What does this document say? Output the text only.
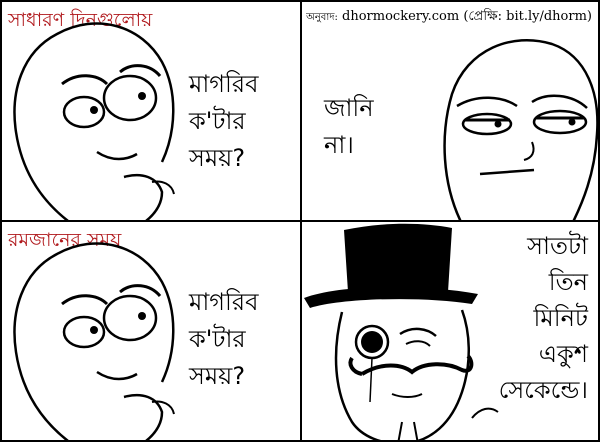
সাধারণ দিনগুলোয়
মাগরিব
ক'টার
সময়?
অনুবাদ: dhormockery.com (প্রেক্ষি: bit.ly/dhorm)
জানি
না।
রমজানের সময়
মাগরিব
ক'টার
সময়?
সাতটা
তিন
মিনিট
একুশ
সেকেন্ডে।
